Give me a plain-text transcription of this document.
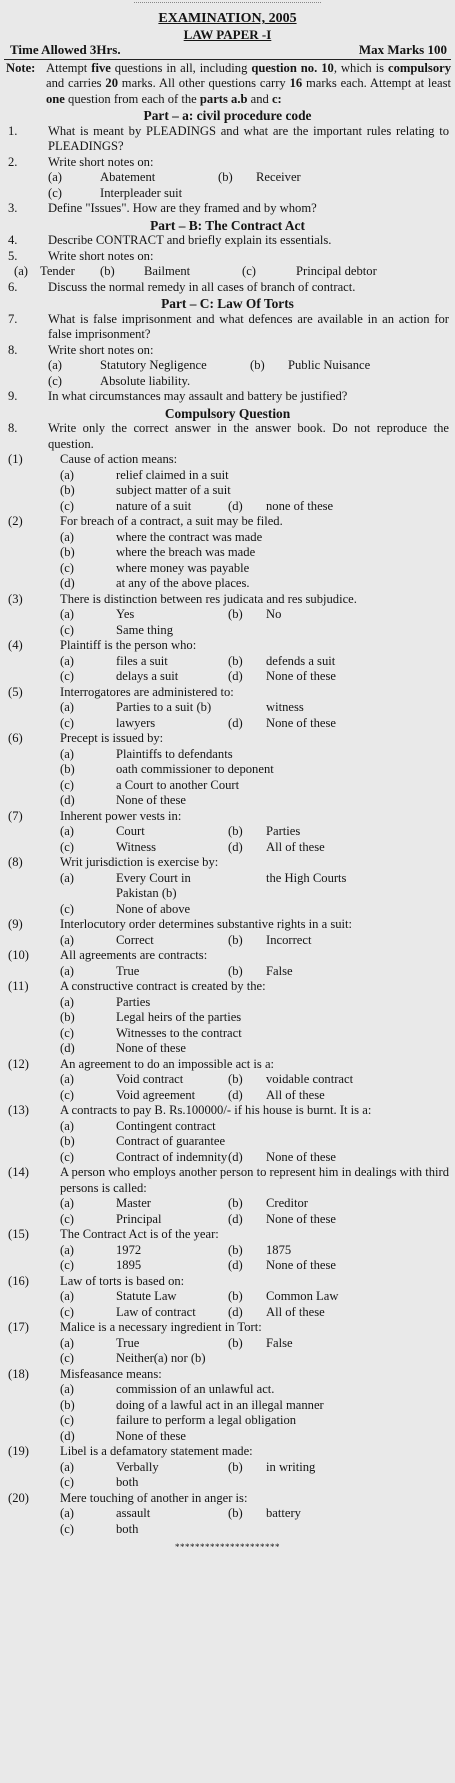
EXAMINATION, 2005
LAW PAPER -I
Time Allowed 3Hrs.	Max Marks 100
Note: Attempt five questions in all, including question no. 10, which is compulsory and carries 20 marks. All other questions carry 16 marks each. Attempt at least one question from each of the parts a.b and c:
Part – a: civil procedure code
1.	What is meant by PLEADINGS and what are the important rules relating to PLEADINGS?
2.	Write short notes on:
(a)	Abatement	(b)	Receiver
(c)	Interpleader suit
3.	Define "Issues". How are they framed and by whom?
Part – B: The Contract Act
4.	Describe CONTRACT and briefly explain its essentials.
5.	Write short notes on:
(a) Tender	(b)	Bailment	(c)	Principal debtor
6.	Discuss the normal remedy in all cases of branch of contract.
Part – C: Law Of Torts
7.	What is false imprisonment and what defences are available in an action for false imprisonment?
8.	Write short notes on:
(a)	Statutory Negligence	(b)	Public Nuisance
(c)	Absolute liability.
9.	In what circumstances may assault and battery be justified?
Compulsory Question
8.	Write only the correct answer in the answer book. Do not reproduce the question.
(1)	Cause of action means:
(a)	relief claimed in a suit
(b)	subject matter of a suit
(c)	nature of a suit	(d)	none of these
(2)	For breach of a contract, a suit may be filed.
(a)	where the contract was made
(b)	where the breach was made
(c)	where money was payable
(d)	at any of the above places.
(3)	There is distinction between res judicata and res subjudice.
(a)	Yes	(b)	No
(c)	Same thing
(4)	Plaintiff is the person who:
(a)	files a suit	(b)	defends a suit
(c)	delays a suit	(d)	None of these
(5)	Interrogatores are administered to:
(a)	Parties to a suit (b)	witness
(c)	lawyers	(d)	None of these
(6)	Precept is issued by:
(a)	Plaintiffs to defendants
(b)	oath commissioner to deponent
(c)	a Court to another Court
(d)	None of these
(7)	Inherent power vests in:
(a)	Court	(b)	Parties
(c)	Witness	(d)	All of these
(8)	Writ jurisdiction is exercise by:
(a)	Every Court in Pakistan (b)
the High Courts
(c)	None of above
(9)	Interlocutory order determines substantive rights in a suit:
(a)	Correct	(b)	Incorrect
(10)	All agreements are contracts:
(a)	True	(b)	False
(11)	A constructive contract is created by the:
(a)	Parties
(b)	Legal heirs of the parties
(c)	Witnesses to the contract
(d)	None of these
(12)	An agreement to do an impossible act is a:
(a)	Void contract	(b)	voidable contract
(c)	Void agreement	(d)	All of these
(13)	A contracts to pay B. Rs.100000/- if his house is burnt. It is a:
(a)	Contingent contract
(b)	Contract of guarantee
(c)	Contract of indemnity (d)	None of these
(14)	A person who employs another person to represent him in dealings with third persons is called:
(a)	Master	(b)	Creditor
(c)	Principal	(d)	None of these
(15)	The Contract Act is of the year:
(a)	1972	(b)	1875
(c)	1895	(d)	None of these
(16)	Law of torts is based on:
(a)	Statute Law	(b)	Common Law
(c)	Law of contract	(d)	All of these
(17)	Malice is a necessary ingredient in Tort:
(a)	True	(b)	False
(c)	Neither(a) nor (b)
(18)	Misfeasance means:
(a)	commission of an unlawful act.
(b)	doing of a lawful act in an illegal manner
(c)	failure to perform a legal obligation
(d)	None of these
(19)	Libel is a defamatory statement made:
(a)	Verbally	(b)	in writing
(c)	both
(20)	Mere touching of another in anger is:
(a)	assault	(b)	battery
(c)	both
*********************
